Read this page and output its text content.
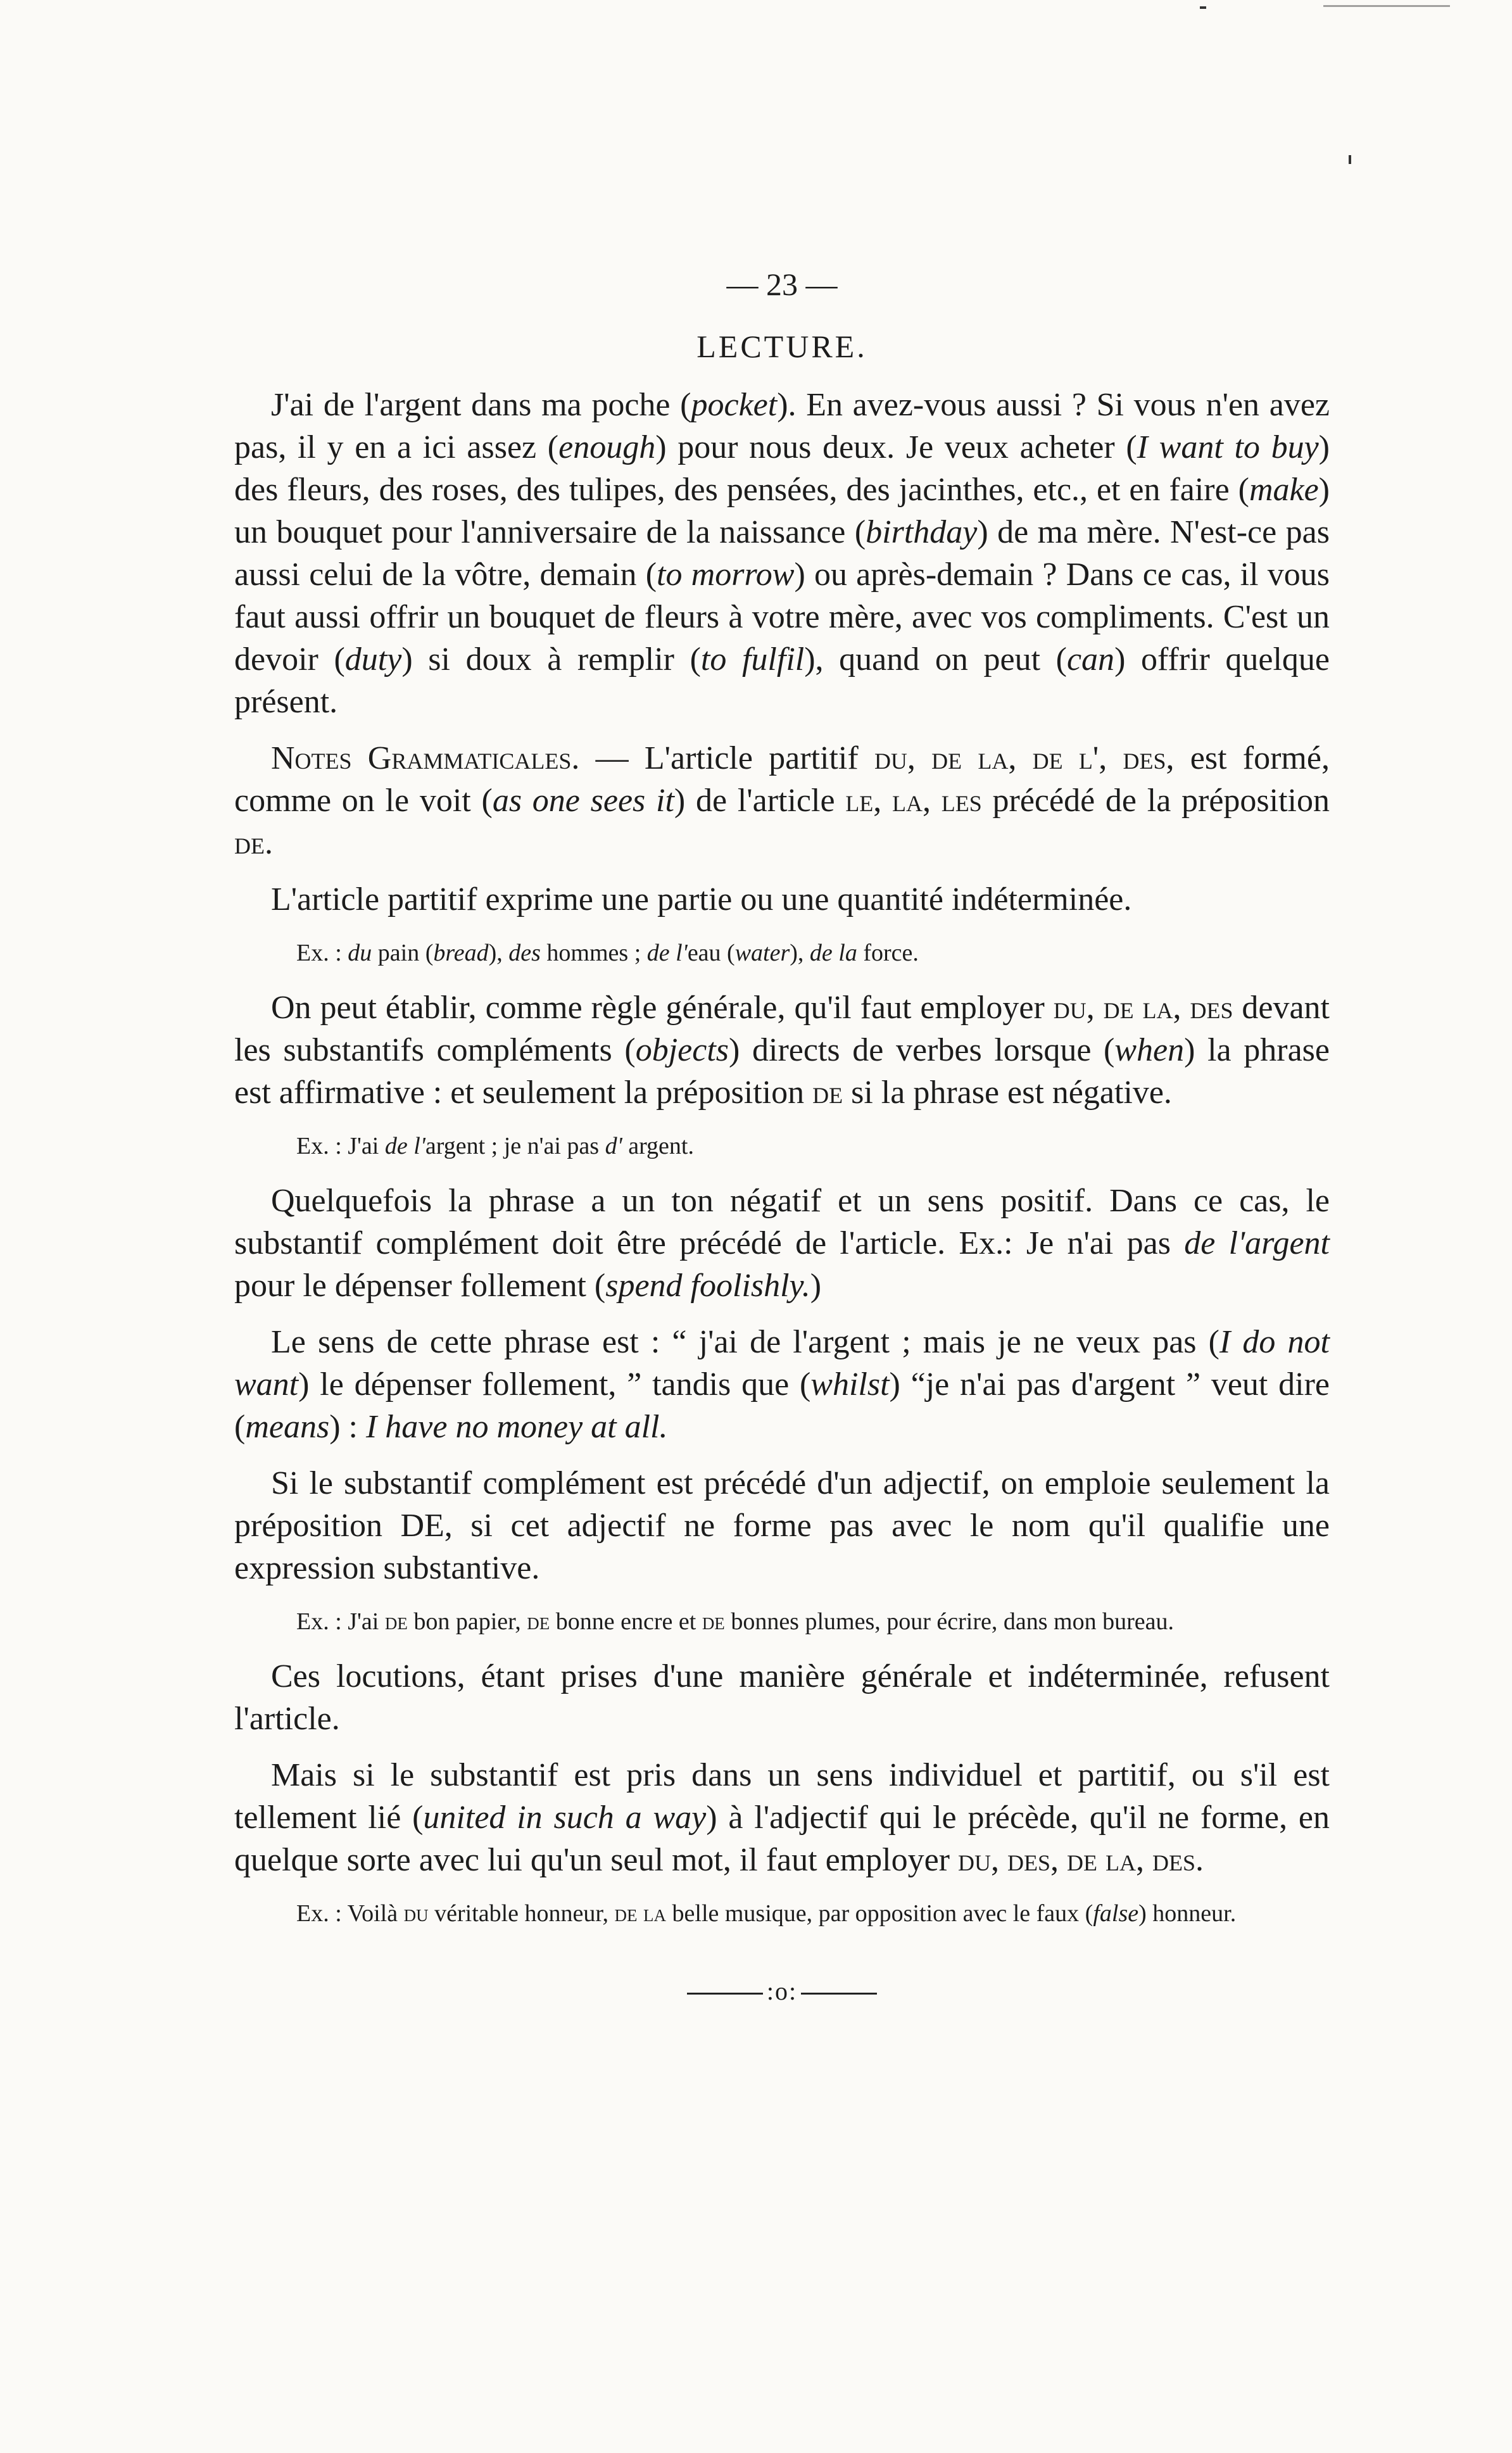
— 23 —
LECTURE.

J'ai de l'argent dans ma poche (pocket). En avez-vous aussi ? Si vous n'en avez pas, il y en a ici assez (enough) pour nous deux. Je veux acheter (I want to buy) des fleurs, des roses, des tulipes, des pensées, des jacinthes, etc., et en faire (make) un bouquet pour l'anniversaire de la naissance (birthday) de ma mère. N'est-ce pas aussi celui de la vôtre, demain (to morrow) ou après-demain ? Dans ce cas, il vous faut aussi offrir un bouquet de fleurs à votre mère, avec vos compliments. C'est un devoir (duty) si doux à remplir (to fulfil), quand on peut (can) offrir quelque présent.

Notes Grammaticales. — L'article partitif du, de la, de l', des, est formé, comme on le voit (as one sees it) de l'article le, la, les précédé de la préposition de.

L'article partitif exprime une partie ou une quantité indéterminée.

Ex. : du pain (bread), des hommes ; de l'eau (water), de la force.

On peut établir, comme règle générale, qu'il faut employer du, de la, des devant les substantifs compléments (objects) directs de verbes lorsque (when) la phrase est affirmative : et seulement la préposition de si la phrase est négative.

Ex. : J'ai de l'argent ; je n'ai pas d' argent.

Quelquefois la phrase a un ton négatif et un sens positif. Dans ce cas, le substantif complément doit être précédé de l'article. Ex.: Je n'ai pas de l'argent pour le dépenser follement (spend foolishly.)

Le sens de cette phrase est : “ j'ai de l'argent ; mais je ne veux pas (I do not want) le dépenser follement, ” tandis que (whilst) “je n'ai pas d'argent ” veut dire (means) : I have no money at all.

Si le substantif complément est précédé d'un adjectif, on emploie seulement la préposition DE, si cet adjectif ne forme pas avec le nom qu'il qualifie une expression substantive.

Ex. : J'ai de bon papier, de bonne encre et de bonnes plumes, pour écrire, dans mon bureau.

Ces locutions, étant prises d'une manière générale et indéterminée, refusent l'article.

Mais si le substantif est pris dans un sens individuel et partitif, ou s'il est tellement lié (united in such a way) à l'adjectif qui le précède, qu'il ne forme, en quelque sorte avec lui qu'un seul mot, il faut employer du, des, de la, des.

Ex. : Voilà du véritable honneur, de la belle musique, par opposition avec le faux (false) honneur.

:o:
